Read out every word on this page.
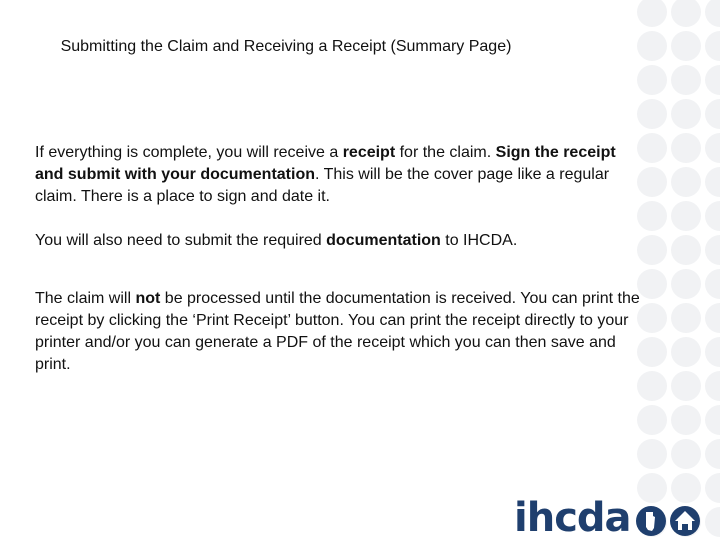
Submitting the Claim and Receiving a Receipt (Summary Page)

If everything is complete, you will receive a receipt for the claim. Sign the receipt and submit with your documentation. This will be the cover page like a regular claim. There is a place to sign and date it.

You will also need to submit the required documentation to IHCDA.

The claim will not be processed until the documentation is received. You can print the receipt by clicking the ‘Print Receipt’ button. You can print the receipt directly to your printer and/or you can generate a PDF of the receipt which you can then save and print.

ihcda
